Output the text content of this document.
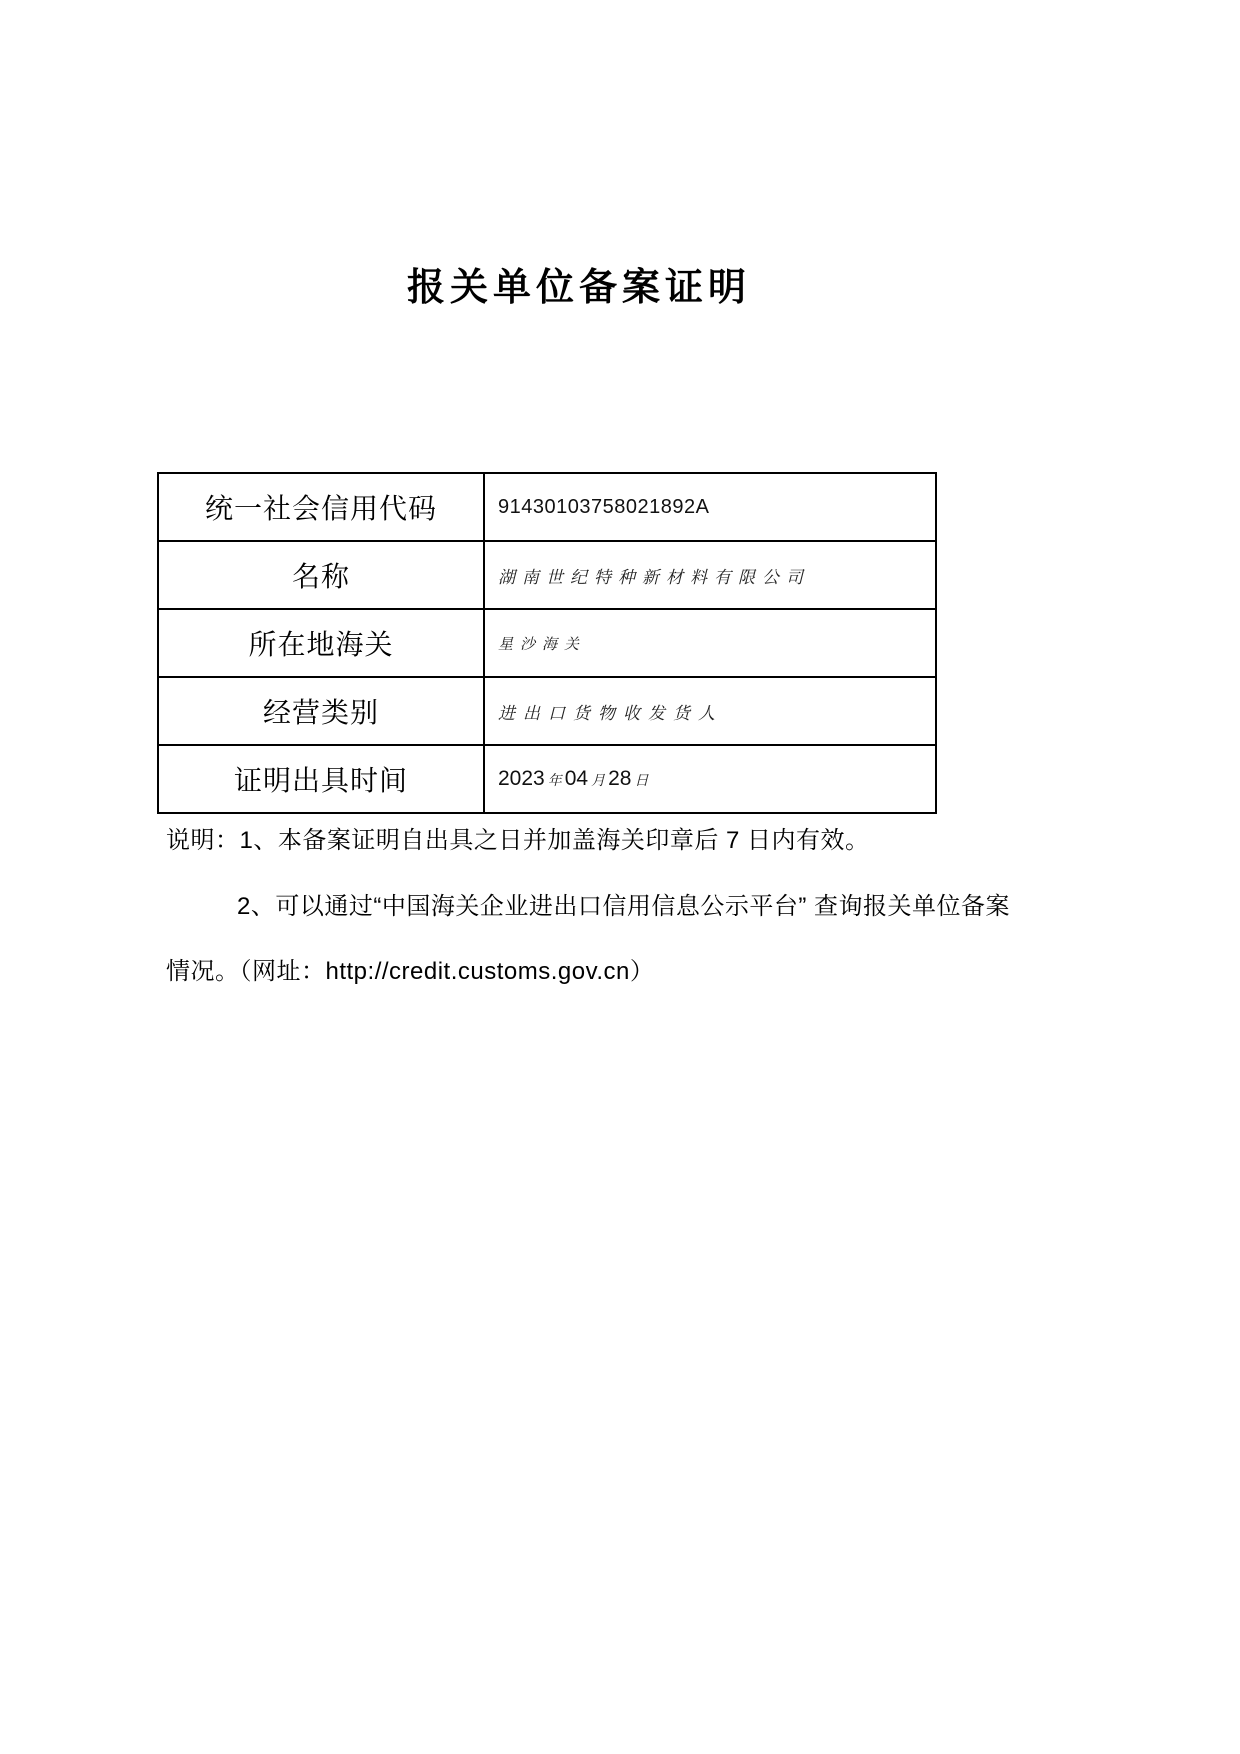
报关单位备案证明
统一社会信用代码	91430103758021892A
名称	湖南世纪特种新材料有限公司
所在地海关	星沙海关
经营类别	进出口货物收发货人
证明出具时间	2023 年 04 月 28 日

说明：1、本备案证明自出具之日并加盖海关印章后 7 日内有效。

2、可以通过“中国海关企业进出口信用信息公示平台” 查询报关单位备案

情况。（网址：http://credit.customs.gov.cn）
